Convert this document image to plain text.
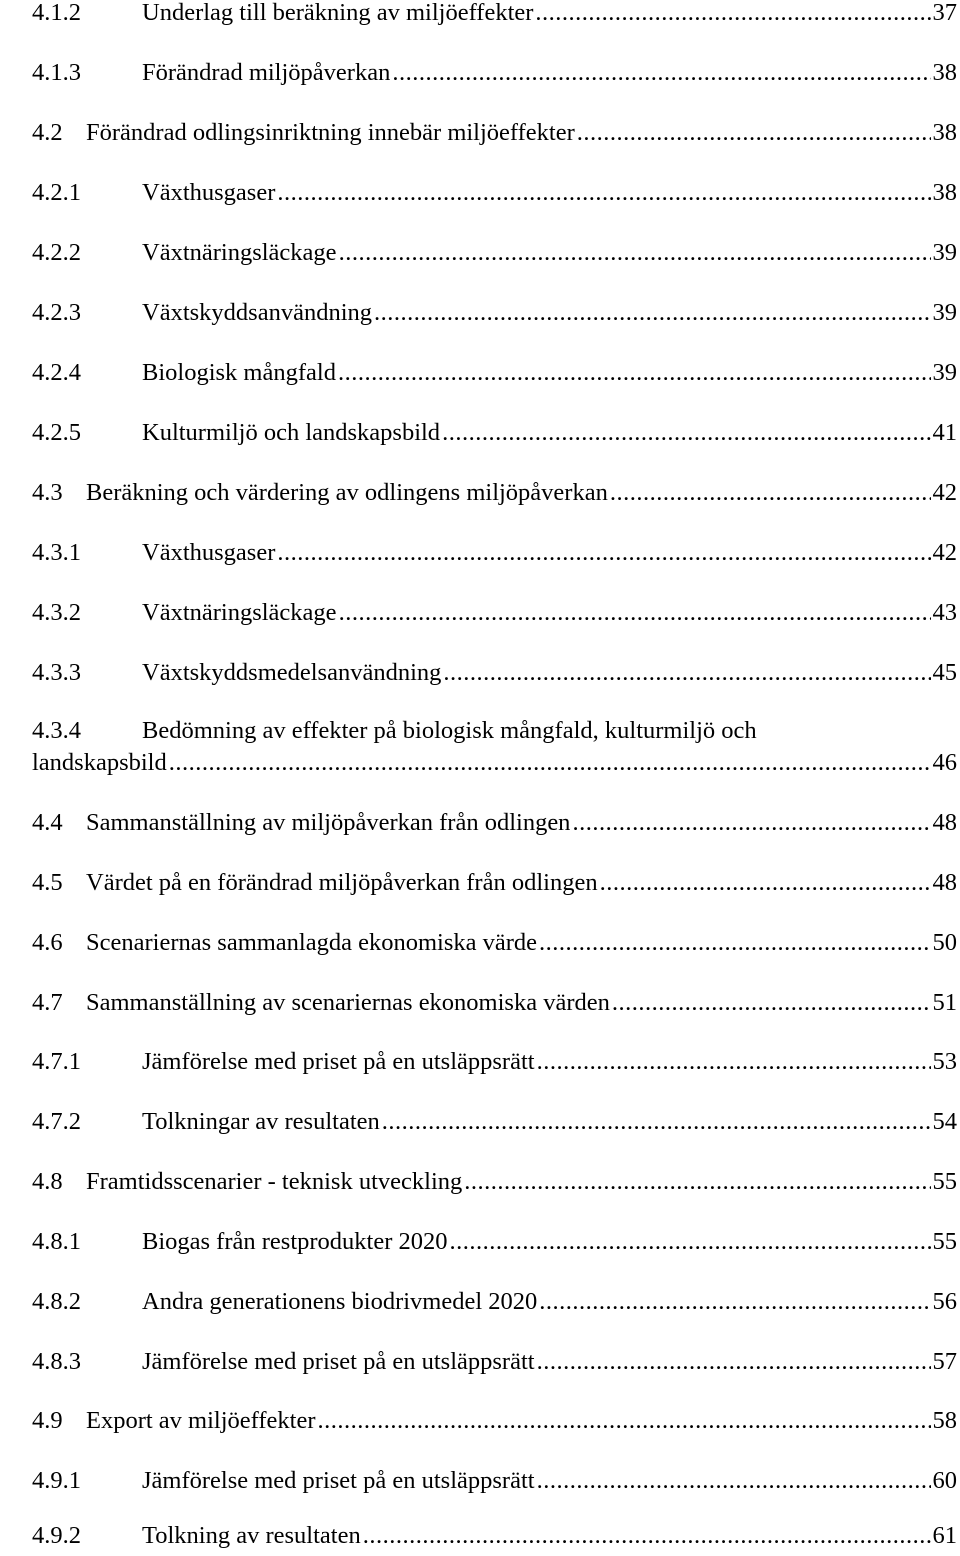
4.1.2 Underlag till beräkning av miljöeffekter .....	37
4.1.3 Förändrad miljöpåverkan .....	38
4.2 Förändrad odlingsinriktning innebär miljöeffekter .....	38
4.2.1 Växthusgaser .....	38
4.2.2 Växtnäringsläckage .....	39
4.2.3 Växtskyddsanvändning .....	39
4.2.4 Biologisk mångfald .....	39
4.2.5 Kulturmiljö och landskapsbild .....	41
4.3 Beräkning och värdering av odlingens miljöpåverkan .....	42
4.3.1 Växthusgaser .....	42
4.3.2 Växtnäringsläckage .....	43
4.3.3 Växtskyddsmedelsanvändning .....	45
4.3.4 Bedömning av effekter på biologisk mångfald, kulturmiljö och
landskapsbild .....	46
4.4 Sammanställning av miljöpåverkan från odlingen .....	48
4.5 Värdet på en förändrad miljöpåverkan från odlingen .....	48
4.6 Scenariernas sammanlagda ekonomiska värde .....	50
4.7 Sammanställning av scenariernas ekonomiska värden .....	51
4.7.1 Jämförelse med priset på en utsläppsrätt .....	53
4.7.2 Tolkningar av resultaten .....	54
4.8 Framtidsscenarier - teknisk utveckling .....	55
4.8.1 Biogas från restprodukter 2020 .....	55
4.8.2 Andra generationens biodrivmedel 2020 .....	56
4.8.3 Jämförelse med priset på en utsläppsrätt .....	57
4.9 Export av miljöeffekter .....	58
4.9.1 Jämförelse med priset på en utsläppsrätt .....	60
4.9.2 Tolkning av resultaten .....	61
